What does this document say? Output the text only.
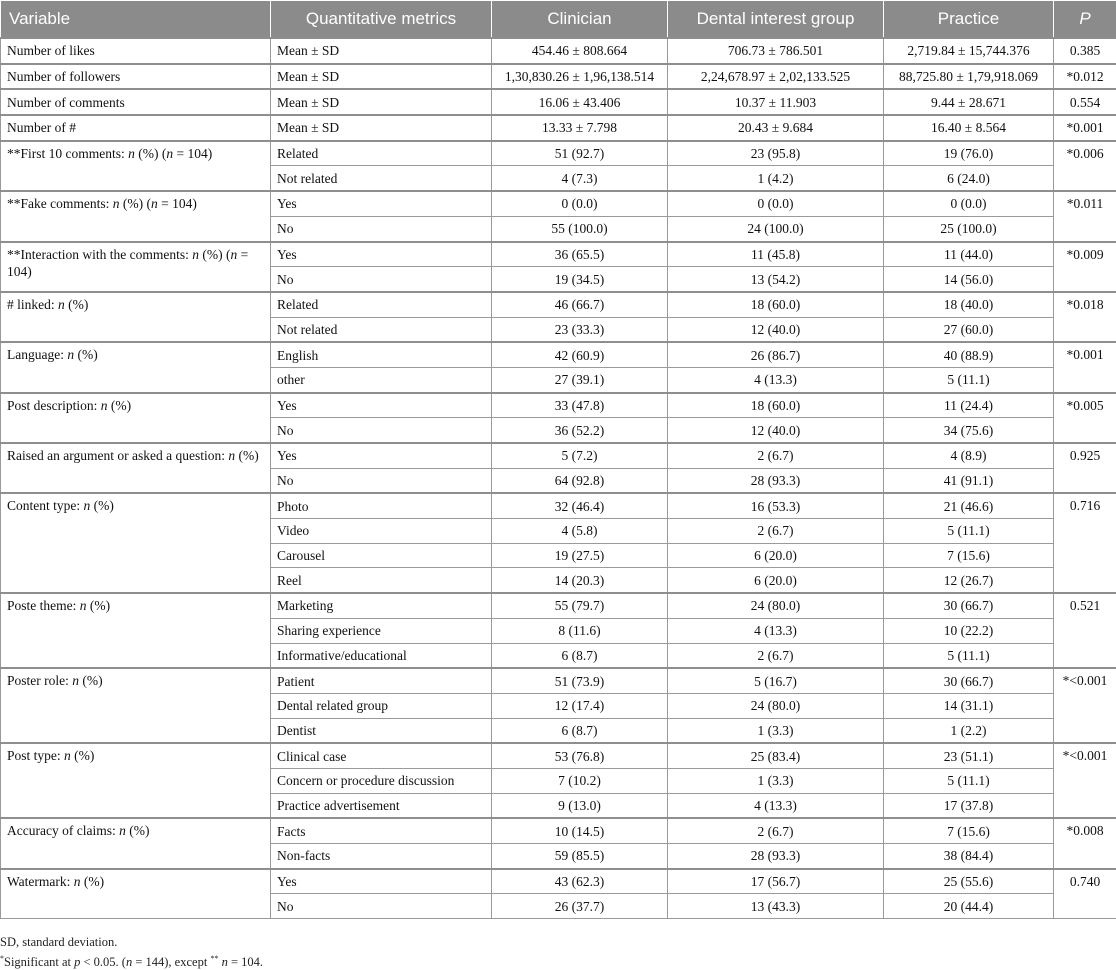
Variable	Quantitative metrics	Clinician	Dental interest group	Practice	P
Number of likes	Mean ± SD	454.46 ± 808.664	706.73 ± 786.501	2,719.84 ± 15,744.376	0.385
Number of followers	Mean ± SD	1,30,830.26 ± 1,96,138.514	2,24,678.97 ± 2,02,133.525	88,725.80 ± 1,79,918.069	*0.012
Number of comments	Mean ± SD	16.06 ± 43.406	10.37 ± 11.903	9.44 ± 28.671	0.554
Number of #	Mean ± SD	13.33 ± 7.798	20.43 ± 9.684	16.40 ± 8.564	*0.001
**First 10 comments: n (%) (n = 104)	Related	51 (92.7)	23 (95.8)	19 (76.0)	*0.006
	Not related	4 (7.3)	1 (4.2)	6 (24.0)	
**Fake comments: n (%) (n = 104)	Yes	0 (0.0)	0 (0.0)	0 (0.0)	*0.011
	No	55 (100.0)	24 (100.0)	25 (100.0)	
**Interaction with the comments: n (%) (n = 104)	Yes	36 (65.5)	11 (45.8)	11 (44.0)	*0.009
	No	19 (34.5)	13 (54.2)	14 (56.0)	
# linked: n (%)	Related	46 (66.7)	18 (60.0)	18 (40.0)	*0.018
	Not related	23 (33.3)	12 (40.0)	27 (60.0)	
Language: n (%)	English	42 (60.9)	26 (86.7)	40 (88.9)	*0.001
	other	27 (39.1)	4 (13.3)	5 (11.1)	
Post description: n (%)	Yes	33 (47.8)	18 (60.0)	11 (24.4)	*0.005
	No	36 (52.2)	12 (40.0)	34 (75.6)	
Raised an argument or asked a question: n (%)	Yes	5 (7.2)	2 (6.7)	4 (8.9)	0.925
	No	64 (92.8)	28 (93.3)	41 (91.1)	
Content type: n (%)	Photo	32 (46.4)	16 (53.3)	21 (46.6)	0.716
	Video	4 (5.8)	2 (6.7)	5 (11.1)	
	Carousel	19 (27.5)	6 (20.0)	7 (15.6)	
	Reel	14 (20.3)	6 (20.0)	12 (26.7)	
Poste theme: n (%)	Marketing	55 (79.7)	24 (80.0)	30 (66.7)	0.521
	Sharing experience	8 (11.6)	4 (13.3)	10 (22.2)	
	Informative/educational	6 (8.7)	2 (6.7)	5 (11.1)	
Poster role: n (%)	Patient	51 (73.9)	5 (16.7)	30 (66.7)	*<0.001
	Dental related group	12 (17.4)	24 (80.0)	14 (31.1)	
	Dentist	6 (8.7)	1 (3.3)	1 (2.2)	
Post type: n (%)	Clinical case	53 (76.8)	25 (83.4)	23 (51.1)	*<0.001
	Concern or procedure discussion	7 (10.2)	1 (3.3)	5 (11.1)	
	Practice advertisement	9 (13.0)	4 (13.3)	17 (37.8)	
Accuracy of claims: n (%)	Facts	10 (14.5)	2 (6.7)	7 (15.6)	*0.008
	Non-facts	59 (85.5)	28 (93.3)	38 (84.4)	
Watermark: n (%)	Yes	43 (62.3)	17 (56.7)	25 (55.6)	0.740
	No	26 (37.7)	13 (43.3)	20 (44.4)	
SD, standard deviation.
*Significant at p < 0.05. (n = 144), except ** n = 104.
